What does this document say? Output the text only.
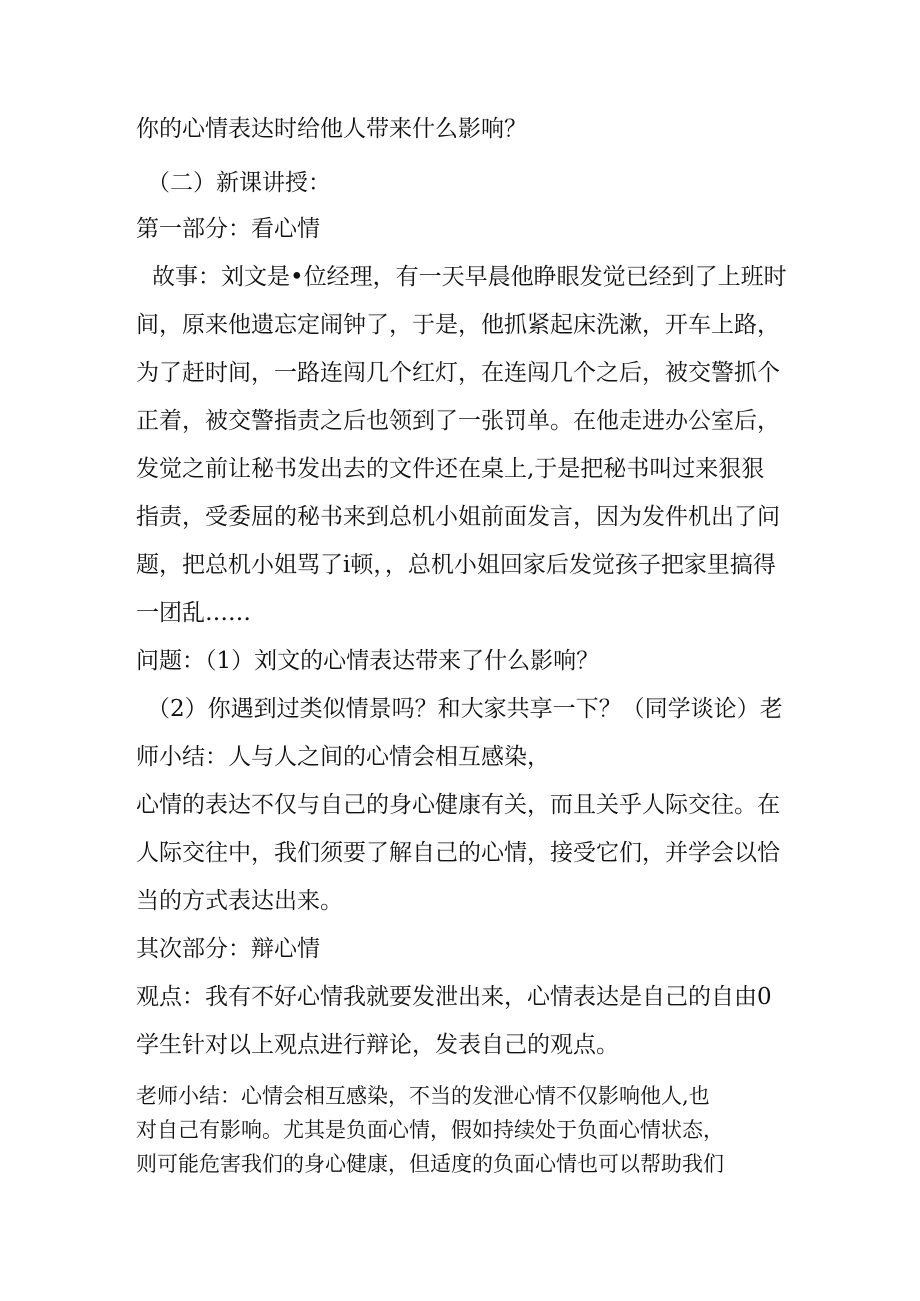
你的心情表达时给他人带来什么影响？
（二）新课讲授：
第一部分：看心情
故事：刘文是•位经理，有一天早晨他睁眼发觉已经到了上班时
间，原来他遗忘定闹钟了，于是，他抓紧起床洗漱，开车上路，
为了赶时间，一路连闯几个红灯，在连闯几个之后，被交警抓个
正着，被交警指责之后也领到了一张罚单。在他走进办公室后，
发觉之前让秘书发出去的文件还在桌上,于是把秘书叫过来狠狠
指责，受委屈的秘书来到总机小姐前面发言，因为发件机出了问
题，把总机小姐骂了i顿，，总机小姐回家后发觉孩子把家里搞得
一团乱……
问题：（1）刘文的心情表达带来了什么影响？
（2）你遇到过类似情景吗？和大家共享一下？（同学谈论）老
师小结：人与人之间的心情会相互感染，
心情的表达不仅与自己的身心健康有关，而且关乎人际交往。在
人际交往中，我们须要了解自己的心情，接受它们，并学会以恰
当的方式表达出来。
其次部分：辩心情
观点：我有不好心情我就要发泄出来，心情表达是自己的自由0
学生针对以上观点进行辩论，发表自己的观点。
老师小结：心情会相互感染，不当的发泄心情不仅影响他人,也
对自己有影响。尤其是负面心情，假如持续处于负面心情状态，
则可能危害我们的身心健康，但适度的负面心情也可以帮助我们
